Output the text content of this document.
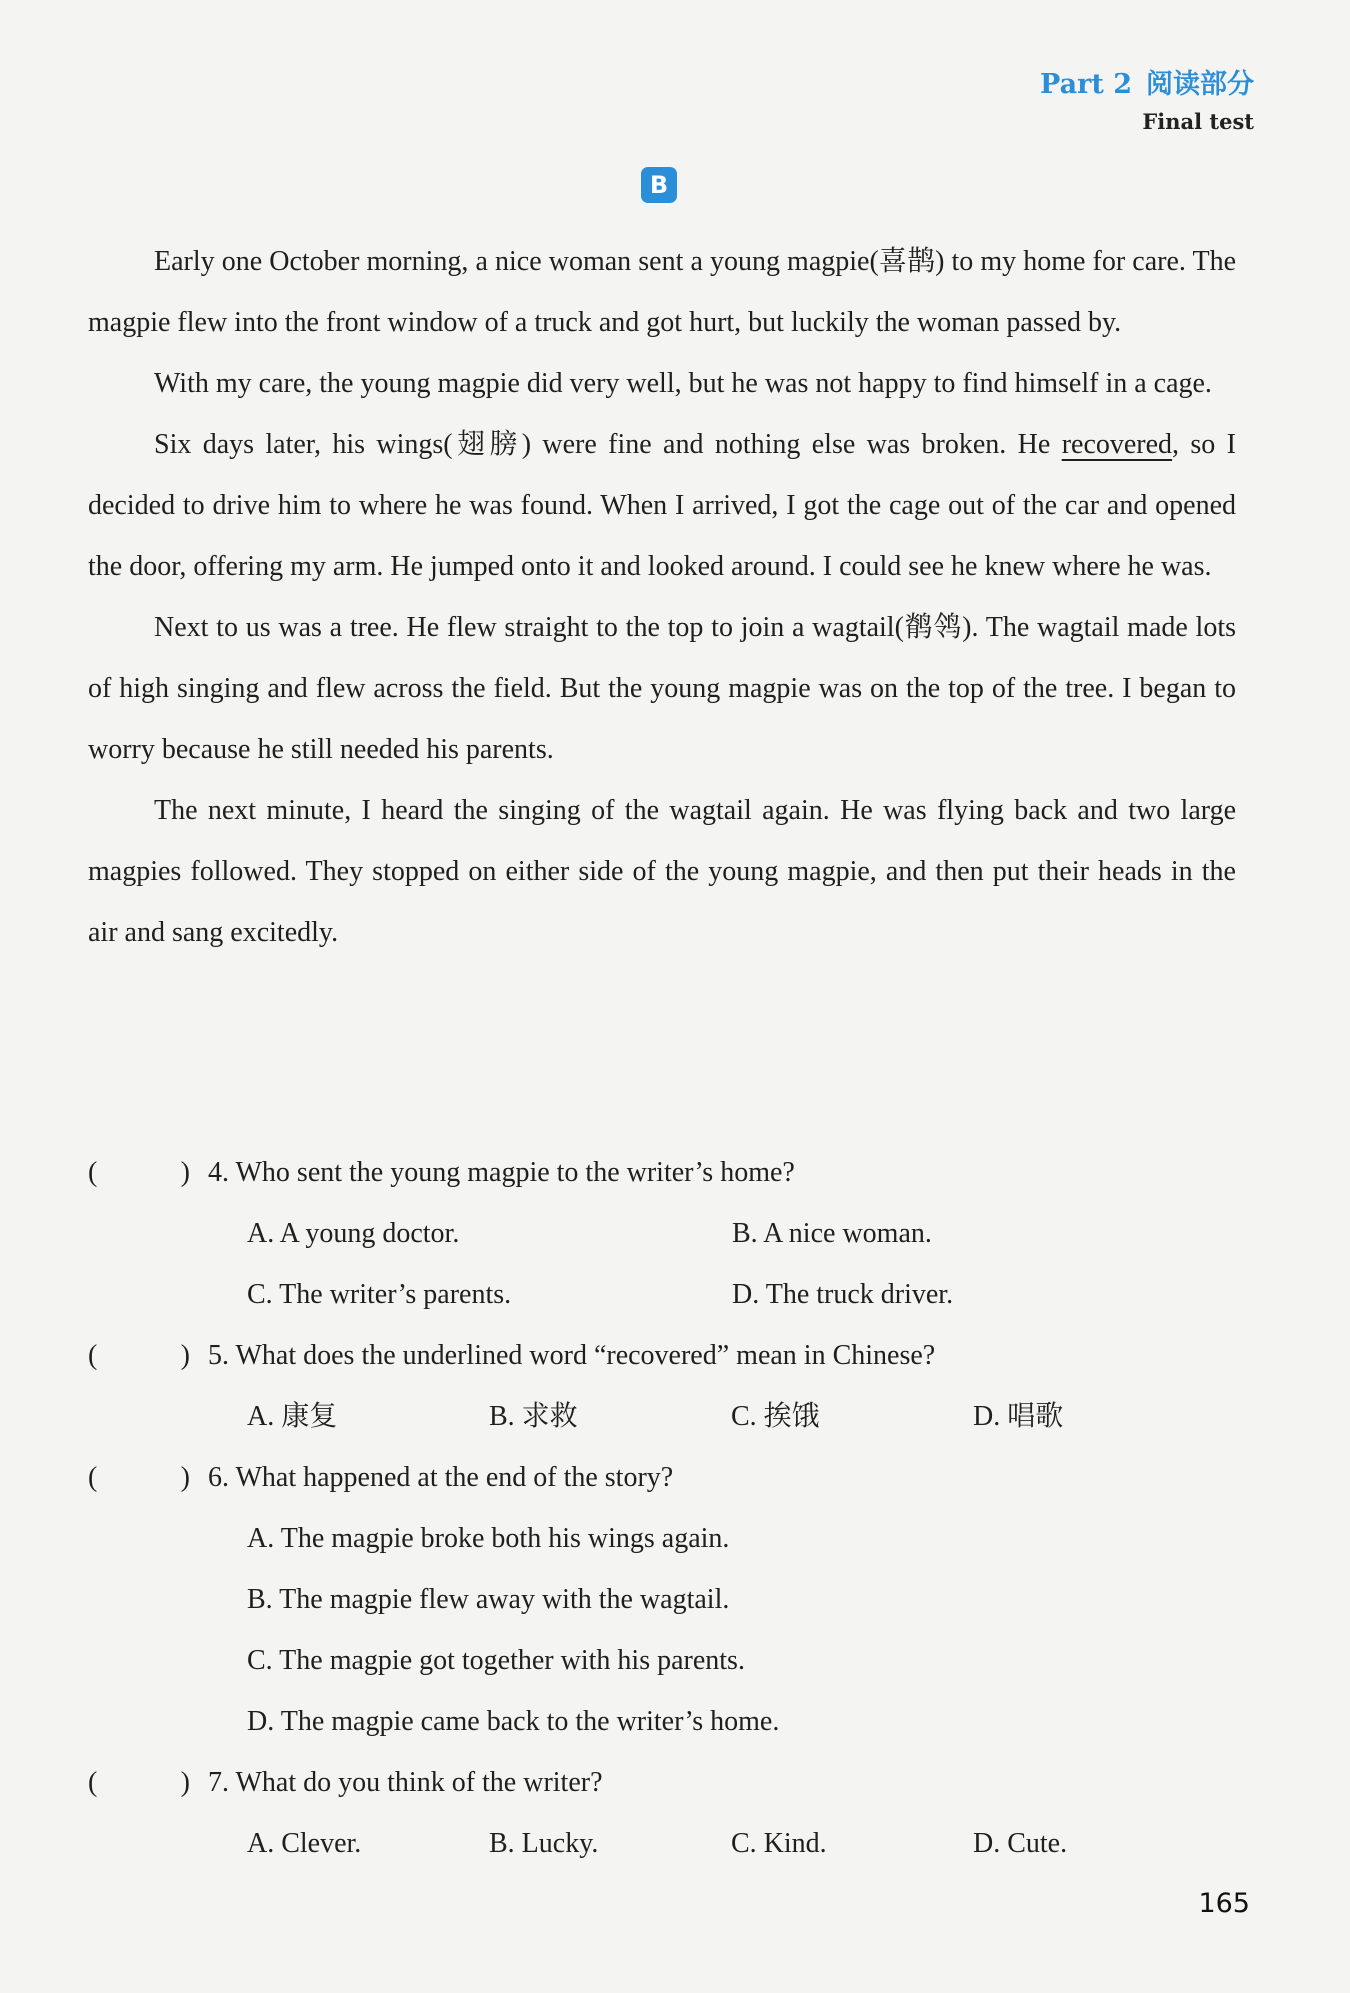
Part 2 阅读部分
Final test
B

Early one October morning, a nice woman sent a young magpie(喜鹊) to my home for care. The magpie flew into the front window of a truck and got hurt, but luckily the woman passed by.

With my care, the young magpie did very well, but he was not happy to find himself in a cage.

Six days later, his wings(翅膀) were fine and nothing else was broken. He recovered, so I decided to drive him to where he was found. When I arrived, I got the cage out of the car and opened the door, offering my arm. He jumped onto it and looked around. I could see he knew where he was.

Next to us was a tree. He flew straight to the top to join a wagtail(鹡鸰). The wagtail made lots of high singing and flew across the field. But the young magpie was on the top of the tree. I began to worry because he still needed his parents.

The next minute, I heard the singing of the wagtail again. He was flying back and two large magpies followed. They stopped on either side of the young magpie, and then put their heads in the air and sang excitedly.

(	) 4. Who sent the young magpie to the writer’s home?
A. A young doctor.	B. A nice woman.
C. The writer’s parents.	D. The truck driver.
(	) 5. What does the underlined word “recovered” mean in Chinese?
A. 康复	B. 求救	C. 挨饿	D. 唱歌
(	) 6. What happened at the end of the story?
A. The magpie broke both his wings again.
B. The magpie flew away with the wagtail.
C. The magpie got together with his parents.
D. The magpie came back to the writer’s home.
(	) 7. What do you think of the writer?
A. Clever.	B. Lucky.	C. Kind.	D. Cute.
165
